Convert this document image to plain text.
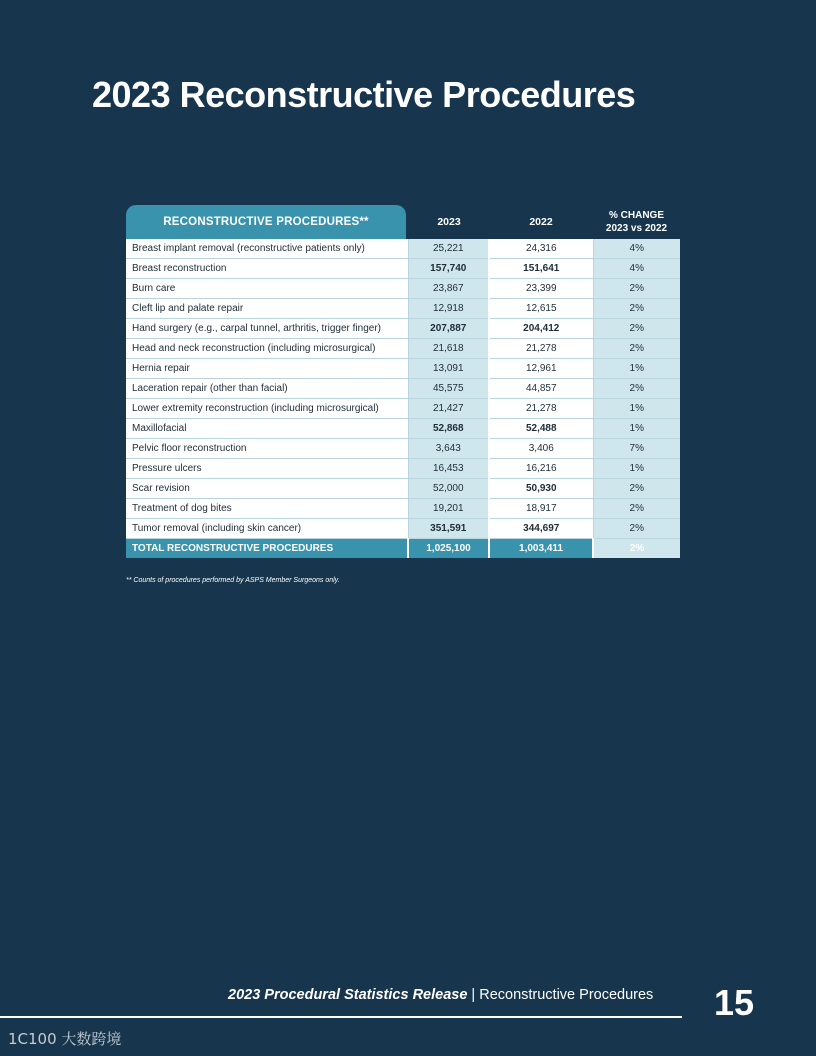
2023 Reconstructive Procedures
RECONSTRUCTIVE PROCEDURES**	2023	2022	% CHANGE
2023 vs 2022
Breast implant removal (reconstructive patients only)	25,221	24,316	4%
Breast reconstruction	157,740	151,641	4%
Burn care	23,867	23,399	2%
Cleft lip and palate repair	12,918	12,615	2%
Hand surgery (e.g., carpal tunnel, arthritis, trigger finger)	207,887	204,412	2%
Head and neck reconstruction (including microsurgical)	21,618	21,278	2%
Hernia repair	13,091	12,961	1%
Laceration repair (other than facial)	45,575	44,857	2%
Lower extremity reconstruction (including microsurgical)	21,427	21,278	1%
Maxillofacial	52,868	52,488	1%
Pelvic floor reconstruction	3,643	3,406	7%
Pressure ulcers	16,453	16,216	1%
Scar revision	52,000	50,930	2%
Treatment of dog bites	19,201	18,917	2%
Tumor removal (including skin cancer)	351,591	344,697	2%
TOTAL RECONSTRUCTIVE PROCEDURES	1,025,100	1,003,411	2%
** Counts of procedures performed by ASPS Member Surgeons only.
2023 Procedural Statistics Release | Reconstructive Procedures 15
1C100 大数跨境
